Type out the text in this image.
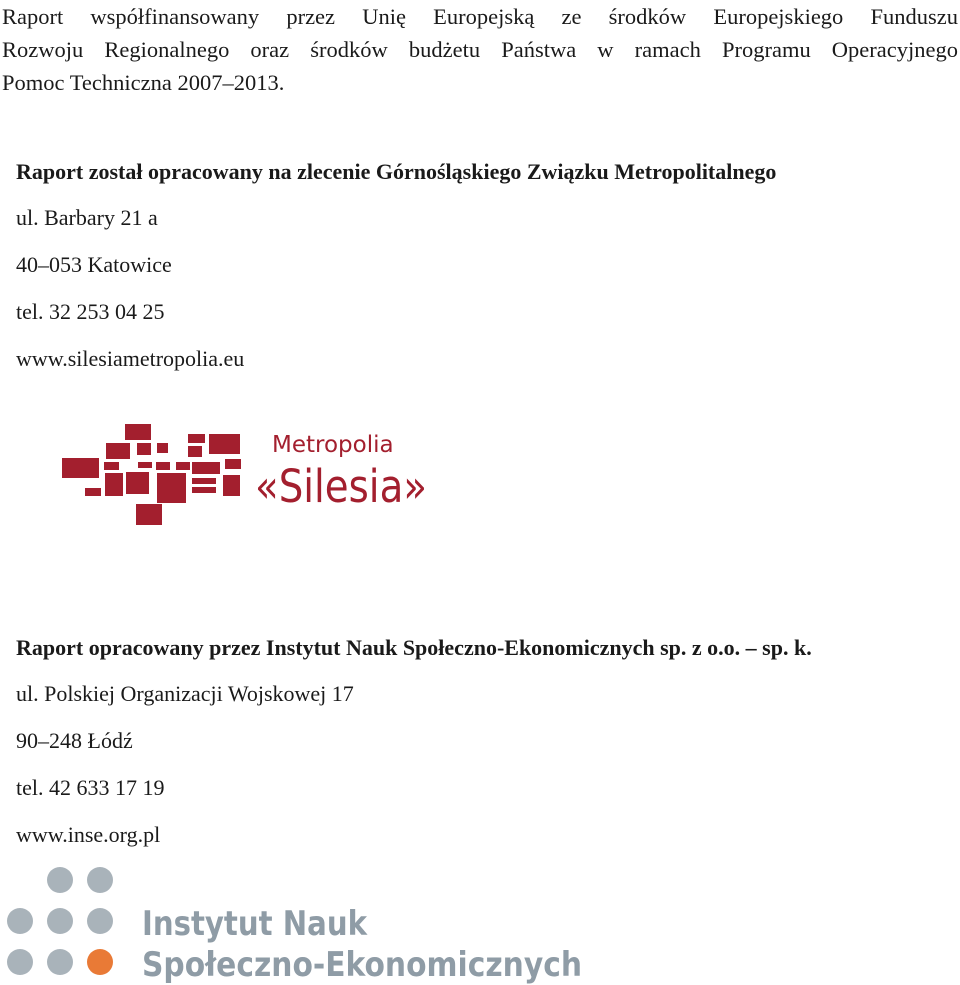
Raport współfinansowany przez Unię Europejską ze środków Europejskiego Funduszu
Rozwoju Regionalnego oraz środków budżetu Państwa w ramach Programu Operacyjnego
Pomoc Techniczna 2007–2013.
Raport został opracowany na zlecenie Górnośląskiego Związku Metropolitalnego
ul. Barbary 21 a
40–053 Katowice
tel. 32 253 04 25
www.silesiametropolia.eu
Metropolia
«Silesia»
Raport opracowany przez Instytut Nauk Społeczno-Ekonomicznych sp. z o.o. – sp. k.
ul. Polskiej Organizacji Wojskowej 17
90–248 Łódź
tel. 42 633 17 19
www.inse.org.pl
Instytut Nauk
Społeczno-Ekonomicznych
